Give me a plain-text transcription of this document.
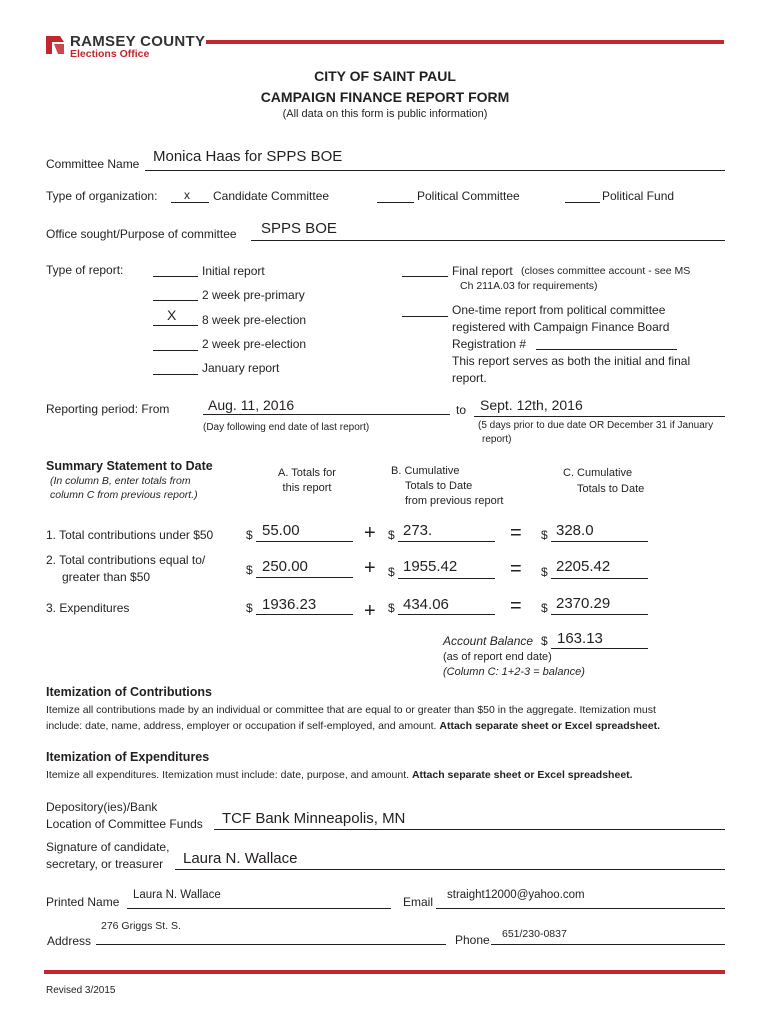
RAMSEY COUNTY
Elections Office
CITY OF SAINT PAUL
CAMPAIGN FINANCE REPORT FORM
(All data on this form is public information)
Committee Name Monica Haas for SPPS BOE
Type of organization: x Candidate Committee	Political Committee	Political Fund
Office sought/Purpose of committee SPPS BOE
Type of report:	Initial report
2 week pre-primary
X 8 week pre-election
2 week pre-election
January report
Final report (closes committee account - see MS
Ch 211A.03 for requirements)
One-time report from political committee
registered with Campaign Finance Board
Registration #
This report serves as both the initial and final
report.
Reporting period: From	Aug. 11, 2016	to Sept. 12th, 2016
(Day following end date of last report)	(5 days prior to due date OR December 31 if January
report)
Summary Statement to Date
(In column B, enter totals from
column C from previous report.)
A. Totals for
this report
B. Cumulative
Totals to Date
from previous report
C. Cumulative
Totals to Date
1. Total contributions under $50	$ 55.00	+ $ 273.	= $ 328.0
2. Total contributions equal to/
greater than $50	$ 250.00	+ $ 1955.42	= $ 2205.42
3. Expenditures	$ 1936.23 + $ 434.06	= $ 2370.29
Account Balance $ 163.13
(as of report end date)
(Column C: 1+2-3 = balance)
Itemization of Contributions
Itemize all contributions made by an individual or committee that are equal to or greater than $50 in the aggregate. Itemization must
include: date, name, address, employer or occupation if self-employed, and amount. Attach separate sheet or Excel spreadsheet.
Itemization of Expenditures
Itemize all expenditures. Itemization must include: date, purpose, and amount. Attach separate sheet or Excel spreadsheet.
Depository(ies)/Bank
Location of Committee Funds TCF Bank Minneapolis, MN
Signature of candidate,
secretary, or treasurer Laura N. Wallace
Printed Name Laura N. Wallace	Email straight12000@yahoo.com
276 Griggs St. S.
Address	Phone 651/230-0837
Revised 3/2015
